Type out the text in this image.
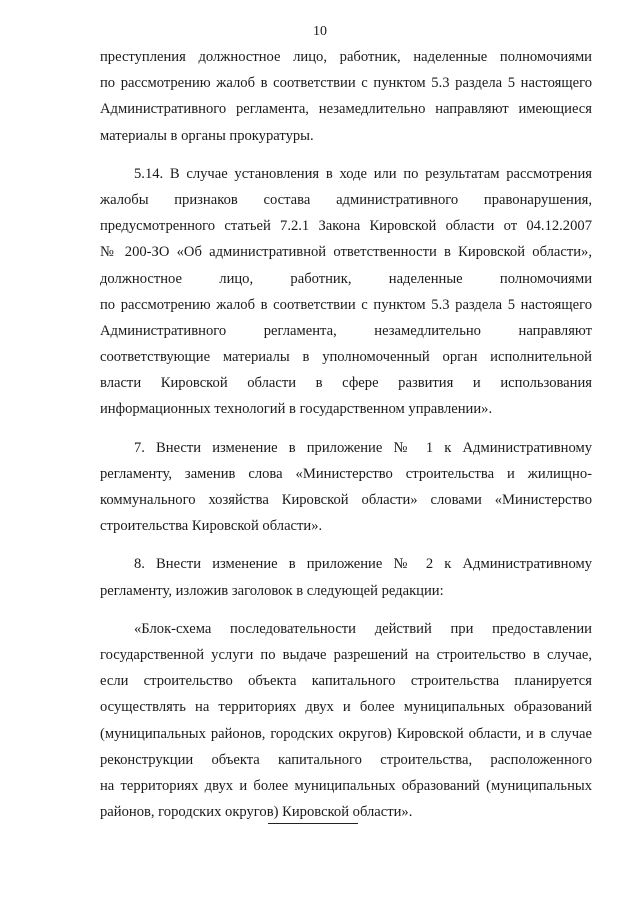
10
преступления должностное лицо, работник, наделенные полномочиями
по рассмотрению жалоб в соответствии с пунктом 5.3 раздела 5 настоящего
Административного регламента, незамедлительно направляют имеющиеся
материалы в органы прокуратуры.
5.14. В случае установления в ходе или по результатам рассмотрения
жалобы признаков состава административного правонарушения,
предусмотренного статьей 7.2.1 Закона Кировской области от 04.12.2007
№ 200-ЗО «Об административной ответственности в Кировской области»,
должностное лицо, работник, наделенные полномочиями
по рассмотрению жалоб в соответствии с пунктом 5.3 раздела 5 настоящего
Административного регламента, незамедлительно направляют
соответствующие материалы в уполномоченный орган исполнительной
власти Кировской области в сфере развития и использования
информационных технологий в государственном управлении».
7. Внести изменение в приложение № 1 к Административному
регламенту, заменив слова «Министерство строительства и жилищно-
коммунального хозяйства Кировской области» словами «Министерство
строительства Кировской области».
8. Внести изменение в приложение № 2 к Административному
регламенту, изложив заголовок в следующей редакции:
«Блок-схема последовательности действий при предоставлении
государственной услуги по выдаче разрешений на строительство в случае,
если строительство объекта капитального строительства планируется
осуществлять на территориях двух и более муниципальных образований
(муниципальных районов, городских округов) Кировской области, и в случае
реконструкции объекта капитального строительства, расположенного
на территориях двух и более муниципальных образований (муниципальных
районов, городских округов) Кировской области».
